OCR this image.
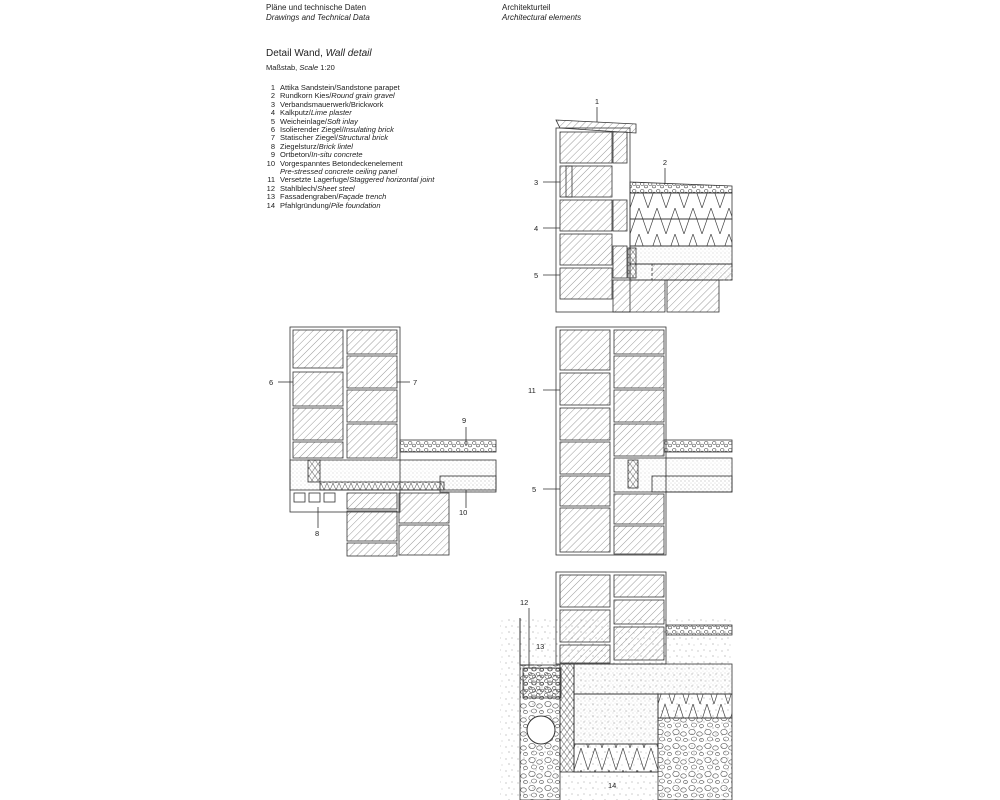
Pläne und technische Daten
Drawings and Technical Data
Architekturteil
Architectural elements
Detail Wand, Wall detail
Maßstab, Scale 1:20
1 Attika Sandstein / Sandstone parapet
2 Rundkorn Kies / Round grain gravel
3 Verbandsmauerwerk / Brickwork
4 Kalkputz / Lime plaster
5 Weicheinlage / Soft inlay
6 Isolierender Ziegel / Insulating brick
7 Statischer Ziegel / Structural brick
8 Ziegelsturz / Brick lintel
9 Ortbeton / In-situ concrete
10 Vorgespanntes Betondeckenelement
Pre-stressed concrete ceiling panel
11 Versetzte Lagerfuge / Staggered horizontal joint
12 Stahlblech / Sheet steel
13 Fassadengraben / Façade trench
14 Pfahlgründung / Pile foundation
1
2
3
4
5
6	7
9
10
8
11
5
12
13
14
